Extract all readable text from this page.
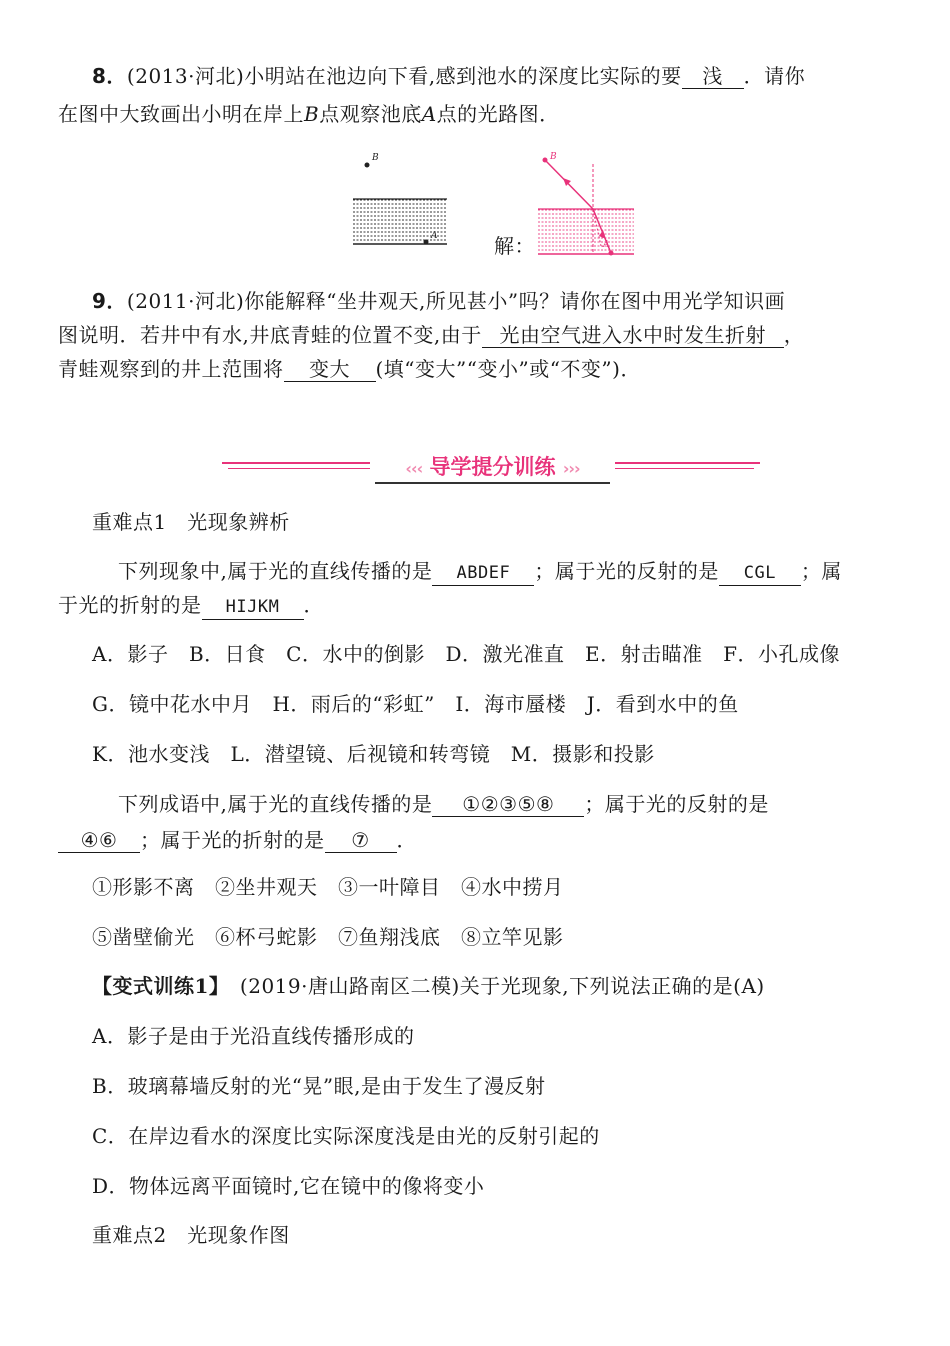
8．(2013·河北)小明站在池边向下看,感到池水的深度比实际的要 浅 ．请你
在图中大致画出小明在岸上B点观察池底A点的光路图．
B
A	解：
B
A
9．(2011·河北)你能解释“坐井观天,所见甚小”吗？请你在图中用光学知识画
图说明．若井中有水,井底青蛙的位置不变,由于 光由空气进入水中时发生折射 ，
青蛙观察到的井上范围将 变大 (填“变大”“变小”或“不变”)．
‹‹‹ 导学提分训练 ›››
重难点1　光现象辨析
下列现象中,属于光的直线传播的是 ABDEF ；属于光的反射的是 CGL ；属
于光的折射的是 HIJKM ．
A．影子　B．日食　C．水中的倒影　D．激光准直　E．射击瞄准　F．小孔成像
G．镜中花水中月　H．雨后的“彩虹”　I．海市蜃楼　J．看到水中的鱼
K．池水变浅　L．潜望镜、后视镜和转弯镜　M．摄影和投影
下列成语中,属于光的直线传播的是 ①②③⑤⑧ ；属于光的反射的是
④⑥ ；属于光的折射的是 ⑦ ．
①形影不离　②坐井观天　③一叶障目　④水中捞月
⑤凿壁偷光　⑥杯弓蛇影　⑦鱼翔浅底　⑧立竿见影
【变式训练1】　(2019·唐山路南区二模)关于光现象,下列说法正确的是(A)
A．影子是由于光沿直线传播形成的
B．玻璃幕墙反射的光“晃”眼,是由于发生了漫反射
C．在岸边看水的深度比实际深度浅是由光的反射引起的
D．物体远离平面镜时,它在镜中的像将变小
重难点2　光现象作图
